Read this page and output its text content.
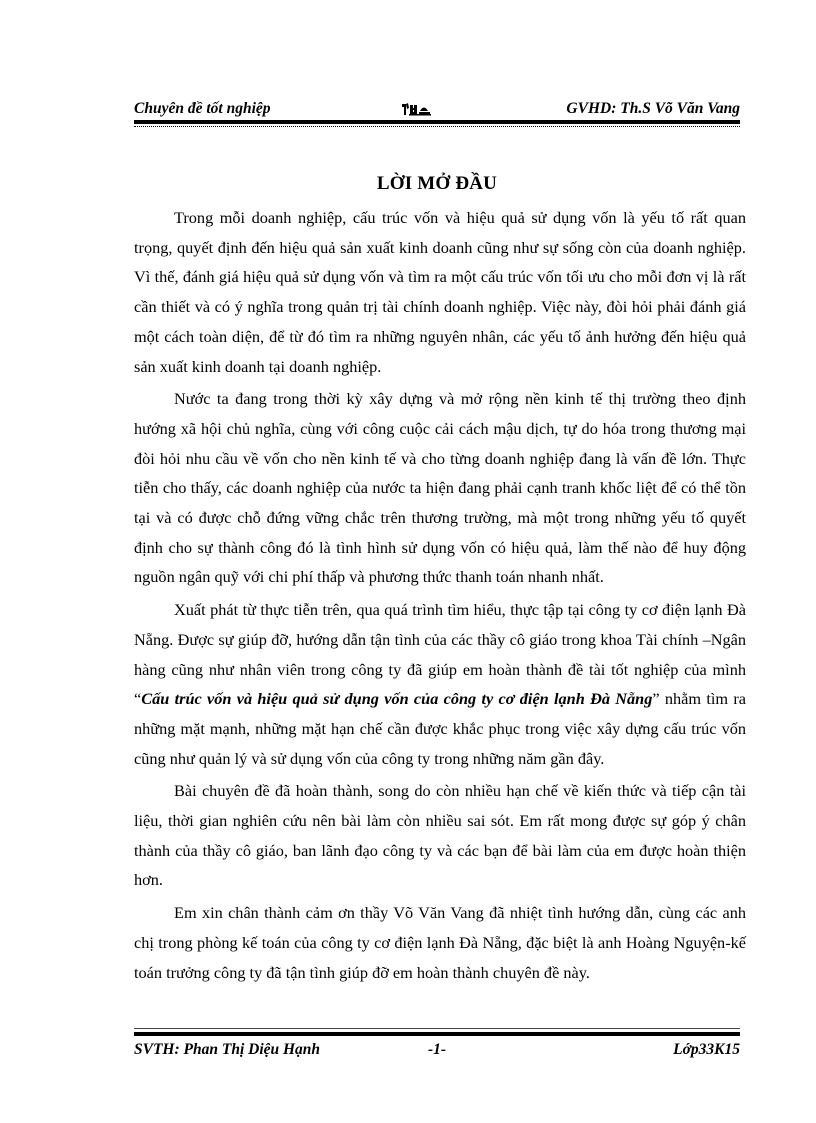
Chuyên đề tốt nghiệp	GVHD: Th.S Võ Văn Vang
LỜI MỞ ĐẦU

Trong mỗi doanh nghiệp, cấu trúc vốn và hiệu quả sử dụng vốn là yếu tố rất quan trọng, quyết định đến hiệu quả sản xuất kinh doanh cũng như sự sống còn của doanh nghiệp. Vì thế, đánh giá hiệu quả sử dụng vốn và tìm ra một cấu trúc vốn tối ưu cho mỗi đơn vị là rất cần thiết và có ý nghĩa trong quản trị tài chính doanh nghiệp. Việc này, đòi hỏi phải đánh giá một cách toàn diện, để từ đó tìm ra những nguyên nhân, các yếu tố ảnh hưởng đến hiệu quả sản xuất kinh doanh tại doanh nghiệp.

Nước ta đang trong thời kỳ xây dựng và mở rộng nền kinh tế thị trường theo định hướng xã hội chủ nghĩa, cùng với công cuộc cải cách mậu dịch, tự do hóa trong thương mại đòi hỏi nhu cầu về vốn cho nền kinh tế và cho từng doanh nghiệp đang là vấn đề lớn. Thực tiễn cho thấy, các doanh nghiệp của nước ta hiện đang phải cạnh tranh khốc liệt để có thể tồn tại và có được chỗ đứng vững chắc trên thương trường, mà một trong những yếu tố quyết định cho sự thành công đó là tình hình sử dụng vốn có hiệu quả, làm thế nào để huy động nguồn ngân quỹ với chi phí thấp và phương thức thanh toán nhanh nhất.

Xuất phát từ thực tiễn trên, qua quá trình tìm hiểu, thực tập tại công ty cơ điện lạnh Đà Nẵng. Được sự giúp đỡ, hướng dẫn tận tình của các thầy cô giáo trong khoa Tài chính –Ngân hàng cũng như nhân viên trong công ty đã giúp em hoàn thành đề tài tốt nghiệp của mình “Cấu trúc vốn và hiệu quả sử dụng vốn của công ty cơ điện lạnh Đà Nẵng” nhằm tìm ra những mặt mạnh, những mặt hạn chế cần được khắc phục trong việc xây dựng cấu trúc vốn cũng như quản lý và sử dụng vốn của công ty trong những năm gần đây.

Bài chuyên đề đã hoàn thành, song do còn nhiều hạn chế về kiến thức và tiếp cận tài liệu, thời gian nghiên cứu nên bài làm còn nhiều sai sót. Em rất mong được sự góp ý chân thành của thầy cô giáo, ban lãnh đạo công ty và các bạn để bài làm của em được hoàn thiện hơn.

Em xin chân thành cảm ơn thầy Võ Văn Vang đã nhiệt tình hướng dẫn, cùng các anh chị trong phòng kế toán của công ty cơ điện lạnh Đà Nẵng, đặc biệt là anh Hoàng Nguyện-kế toán trưởng công ty đã tận tình giúp đỡ em hoàn thành chuyên đề này.

SVTH: Phan Thị Diệu Hạnh	-1-	Lớp33K15
